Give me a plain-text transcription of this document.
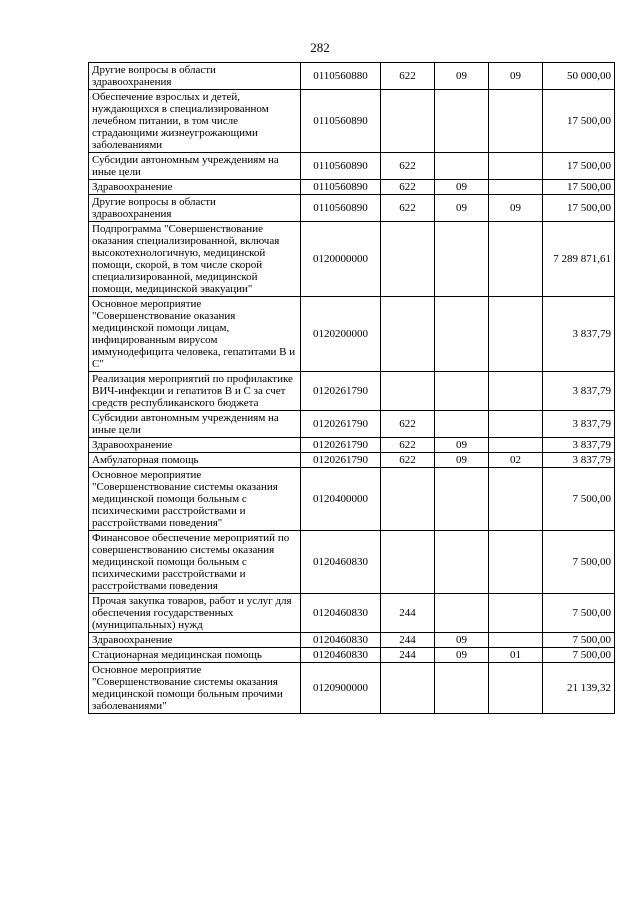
282
Другие вопросы в области здравоохранения	0110560880	622	09	09	50 000,00
Обеспечение взрослых и детей, нуждающихся в специализированном лечебном питании, в том числе страдающими жизнеугрожающими заболеваниями	0110560890				17 500,00
Субсидии автономным учреждениям на иные цели	0110560890	622			17 500,00
Здравоохранение	0110560890	622	09		17 500,00
Другие вопросы в области здравоохранения	0110560890	622	09	09	17 500,00
Подпрограмма "Совершенствование оказания специализированной, включая высокотехнологичную, медицинской помощи, скорой, в том числе скорой специализированной, медицинской помощи, медицинской эвакуации"	0120000000				7 289 871,61
Основное мероприятие "Совершенствование оказания медицинской помощи лицам, инфицированным вирусом иммунодефицита человека, гепатитами В и С"	0120200000				3 837,79
Реализация мероприятий по профилактике ВИЧ-инфекции и гепатитов В и С за счет средств республиканского бюджета	0120261790				3 837,79
Субсидии автономным учреждениям на иные цели	0120261790	622			3 837,79
Здравоохранение	0120261790	622	09		3 837,79
Амбулаторная помощь	0120261790	622	09	02	3 837,79
Основное мероприятие "Совершенствование системы оказания медицинской помощи больным с психическими расстройствами и расстройствами поведения"	0120400000				7 500,00
Финансовое обеспечение мероприятий по совершенствованию системы оказания медицинской помощи больным с психическими расстройствами и расстройствами поведения	0120460830				7 500,00
Прочая закупка товаров, работ и услуг для обеспечения государственных (муниципальных) нужд	0120460830	244			7 500,00
Здравоохранение	0120460830	244	09		7 500,00
Стационарная медицинская помощь	0120460830	244	09	01	7 500,00
Основное мероприятие "Совершенствование системы оказания медицинской помощи больным прочими заболеваниями"	0120900000				21 139,32
